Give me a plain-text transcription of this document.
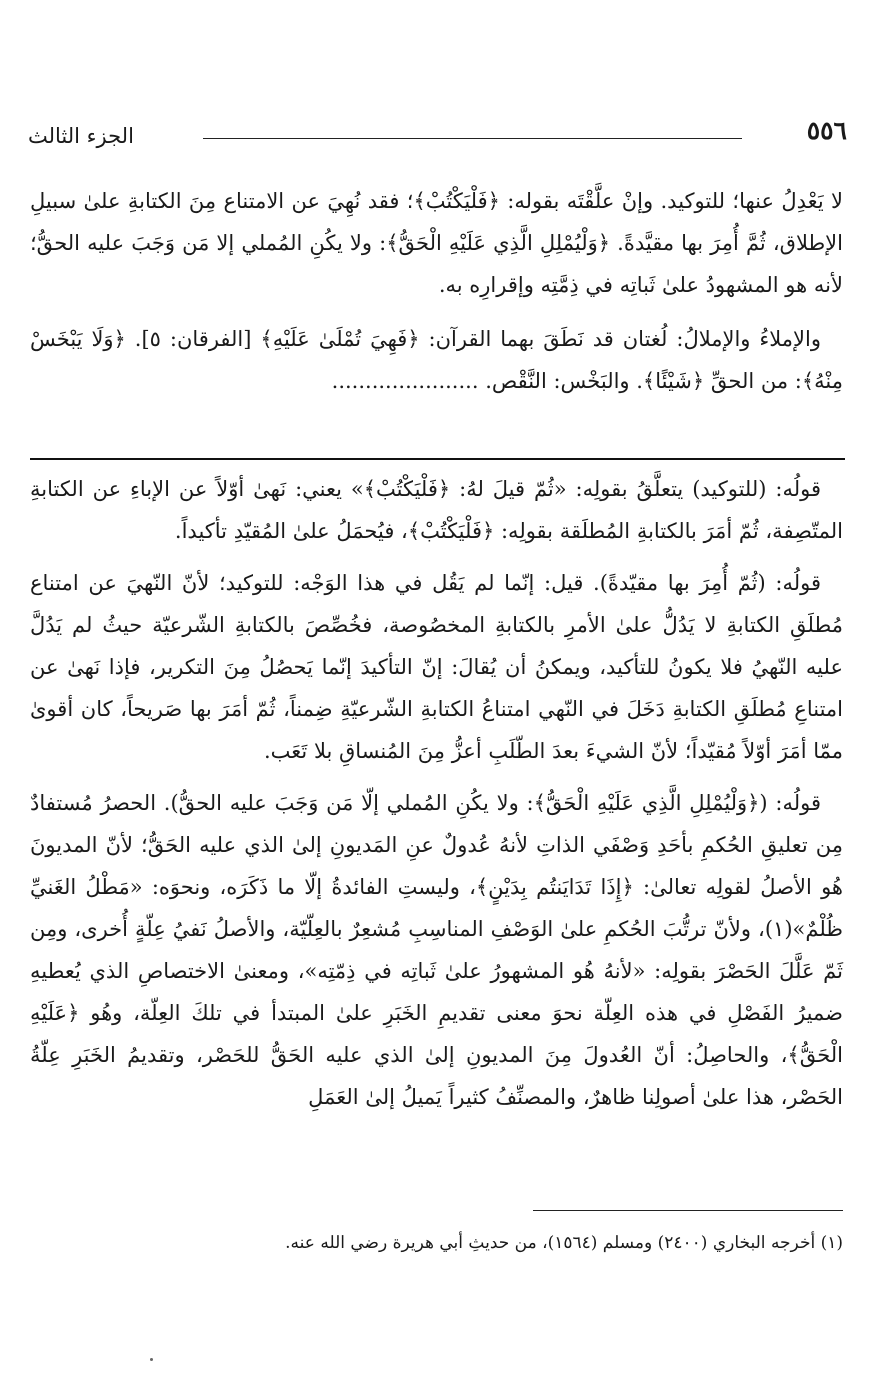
٥٥٦
الجزء الثالث

لا يَعْدِلُ عنها؛ للتوكيد. وإنْ علَّقْتَه بقوله: ﴿فَلْيَكْتُبْ﴾؛ فقد نُهِيَ عن الامتناع مِنَ الكتابةِ علىٰ سبيلِ الإطلاق، ثُمَّ أُمِرَ بها مقيَّدةً. ﴿وَلْيُمْلِلِ الَّذِي عَلَيْهِ الْحَقُّ﴾: ولا يكُنِ المُملي إلا مَن وَجَبَ عليه الحقُّ؛ لأنه هو المشهودُ علىٰ ثَباتِه في ذِمَّتِه وإقرارِه به.

والإملاءُ والإملالُ: لُغتان قد نَطَقَ بهما القرآن: ﴿فَهِيَ تُمْلَىٰ عَلَيْهِ﴾ [الفرقان: ٥]. ﴿وَلَا يَبْخَسْ مِنْهُ﴾: من الحقِّ ﴿شَيْئًا﴾. والبَخْس: النَّقْص. ......................

قولُه: (للتوكيد) يتعلَّقُ بقولِه: «ثُمّ قيلَ لهُ: ﴿فَلْيَكْتُبْ﴾» يعني: نَهىٰ أوّلاً عن الإباءِ عن الكتابةِ المتّصِفة، ثُمّ أمَرَ بالكتابةِ المُطلَقة بقولِه: ﴿فَلْيَكْتُبْ﴾، فيُحمَلُ علىٰ المُقيّدِ تأكيداً.

قولُه: (ثُمّ أُمِرَ بها مقيّدةً). قيل: إنّما لم يَقُل في هذا الوَجْه: للتوكيد؛ لأنّ النّهيَ عن امتناع مُطلَقِ الكتابةِ لا يَدُلُّ علىٰ الأمرِ بالكتابةِ المخصُوصة، فخُصِّصَ بالكتابةِ الشّرعيّة حيثُ لم يَدُلَّ عليه النّهيُ فلا يكونُ للتأكيد، ويمكنُ أن يُقالَ: إنّ التأكيدَ إنّما يَحصُلُ مِنَ التكرير، فإذا نَهىٰ عن امتناعِ مُطلَقِ الكتابةِ دَخَلَ في النّهي امتناعُ الكتابةِ الشّرعيّةِ ضِمناً، ثُمّ أمَرَ بها صَريحاً، كان أقوىٰ ممّا أمَرَ أوّلاً مُقيّداً؛ لأنّ الشيءَ بعدَ الطّلَبِ أعزُّ مِنَ المُنساقِ بلا تَعَب.

قولُه: (﴿وَلْيُمْلِلِ الَّذِي عَلَيْهِ الْحَقُّ﴾: ولا يكُنِ المُملي إلّا مَن وَجَبَ عليه الحقُّ). الحصرُ مُستفادٌ مِن تعليقِ الحُكمِ بأحَدِ وَصْفَي الذاتِ لأنهُ عُدولٌ عنِ المَديونِ إلىٰ الذي عليه الحَقُّ؛ لأنّ المديونَ هُو الأصلُ لقولِه تعالىٰ: ﴿إِذَا تَدَايَنتُم بِدَيْنٍ﴾، وليستِ الفائدةُ إلّا ما ذَكَرَه، ونحوَه: «مَطْلُ الغَنيِّ ظُلْمٌ»(١)، ولأنّ ترتُّبَ الحُكمِ علىٰ الوَصْفِ المناسِبِ مُشعِرٌ بالعِلّيّة، والأصلُ نَفيُ عِلّةٍ أُخرى، ومِن ثَمّ عَلَّلَ الحَصْرَ بقولِه: «لأنهُ هُو المشهورُ علىٰ ثَباتِه في ذِمّتِه»، ومعنىٰ الاختصاصِ الذي يُعطيهِ ضميرُ الفَصْلِ في هذه العِلّة نحوَ معنى تقديمِ الخَبَرِ علىٰ المبتدأ في تلكَ العِلّة، وهُو ﴿عَلَيْهِ الْحَقُّ﴾، والحاصِلُ: أنّ العُدولَ مِنَ المديونِ إلىٰ الذي عليه الحَقُّ للحَصْر، وتقديمُ الخَبَرِ عِلّةُ الحَصْر، هذا علىٰ أصولِنا ظاهرٌ، والمصنِّفُ كثيراً يَميلُ إلىٰ العَمَلِ

(١) أخرجه البخاري (٢٤٠٠) ومسلم (١٥٦٤)، من حديثِ أبي هريرة رضي الله عنه.
